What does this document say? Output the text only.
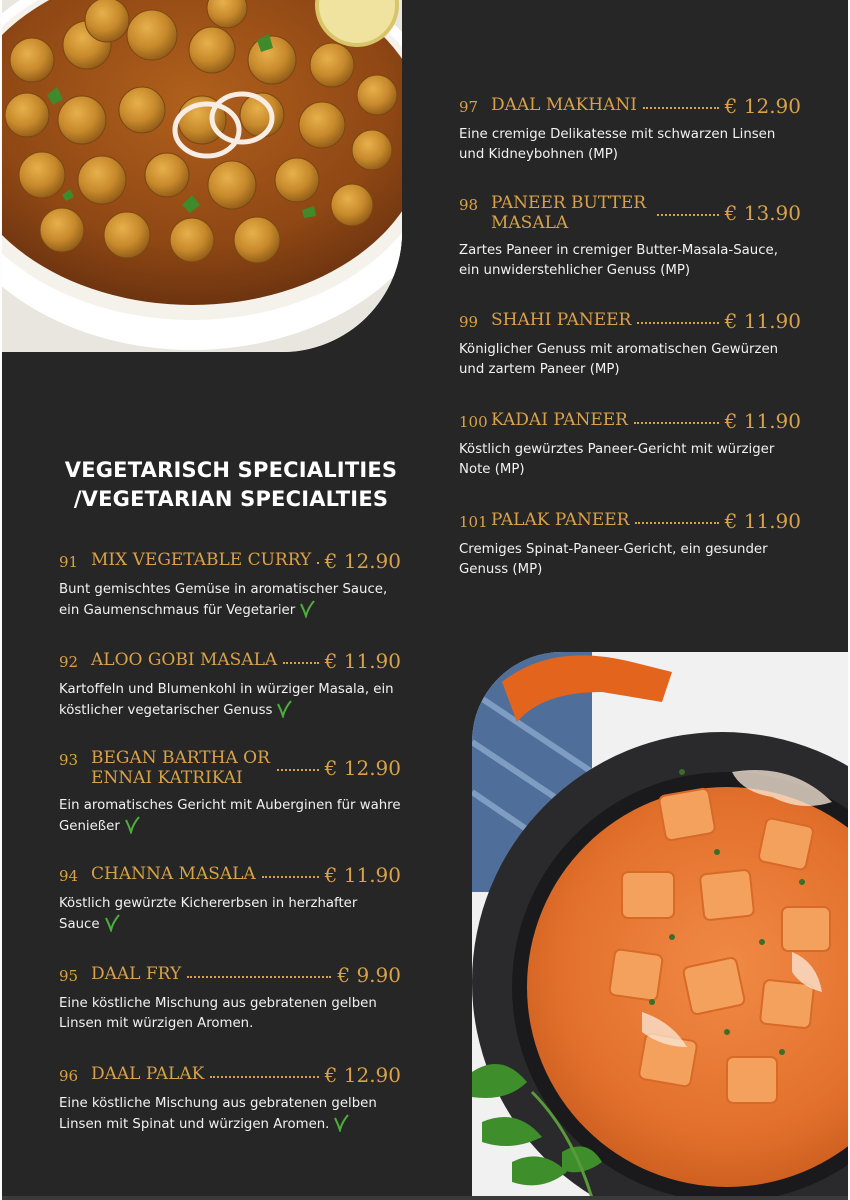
VEGETARISCH SPECIALITIES
/VEGETARIAN SPECIALTIES
91 MIX VEGETABLE CURRY € 12.90
Bunt gemischtes Gemüse in aromatischer Sauce, ein Gaumenschmaus für Vegetarier
92 ALOO GOBI MASALA € 11.90
Kartoffeln und Blumenkohl in würziger Masala, ein köstlicher vegetarischer Genuss
93 BEGAN BARTHA OR ENNAI KATRIKAI	€ 12.90
Ein aromatisches Gericht mit Auberginen für wahre Genießer
94 CHANNA MASALA	€ 11.90
Köstlich gewürzte Kichererbsen in herzhafter Sauce
95 DAAL FRY	€ 9.90
Eine köstliche Mischung aus gebratenen gelben Linsen mit würzigen Aromen.
96 DAAL PALAK	€ 12.90
Eine köstliche Mischung aus gebratenen gelben Linsen mit Spinat und würzigen Aromen.
97 DAAL MAKHANI	€ 12.90
Eine cremige Delikatesse mit schwarzen Linsen und Kidneybohnen (MP)
98 PANEER BUTTER MASALA	€ 13.90
Zartes Paneer in cremiger Butter-Masala-Sauce, ein unwiderstehlicher Genuss (MP)
99 SHAHI PANEER	€ 11.90
Königlicher Genuss mit aromatischen Gewürzen und zartem Paneer (MP)
100 KADAI PANEER	€ 11.90
Köstlich gewürztes Paneer-Gericht mit würziger Note (MP)
101 PALAK PANEER	€ 11.90
Cremiges Spinat-Paneer-Gericht, ein gesunder Genuss (MP)
